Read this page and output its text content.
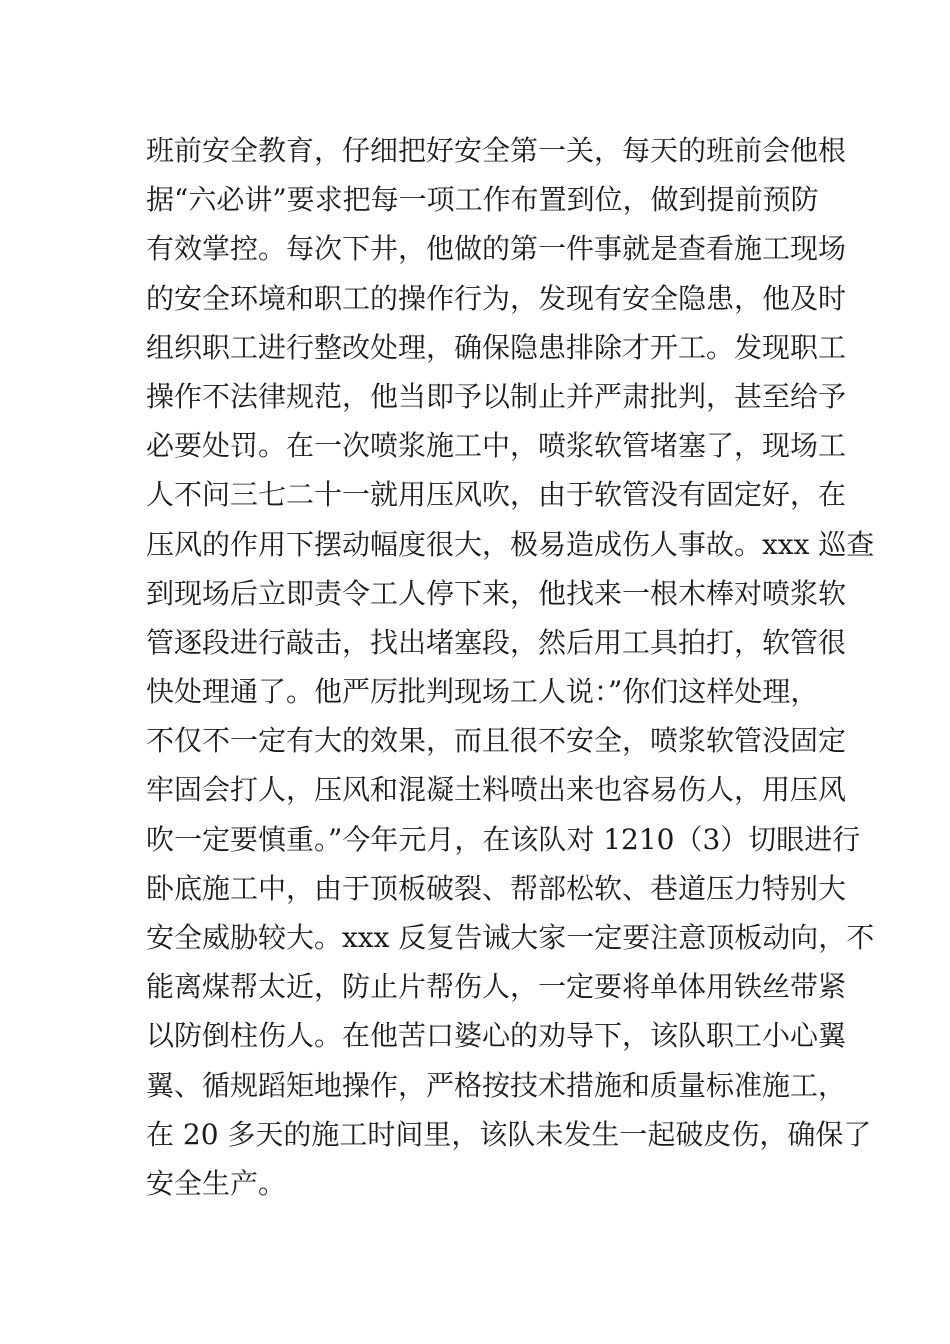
班前安全教育，仔细把好安全第一关，每天的班前会他根
据“六必讲”要求把每一项工作布置到位，做到提前预防
有效掌控。每次下井，他做的第一件事就是查看施工现场
的安全环境和职工的操作行为，发现有安全隐患，他及时
组织职工进行整改处理，确保隐患排除才开工。发现职工
操作不法律规范，他当即予以制止并严肃批判，甚至给予
必要处罚。在一次喷浆施工中，喷浆软管堵塞了，现场工
人不问三七二十一就用压风吹，由于软管没有固定好，在
压风的作用下摆动幅度很大，极易造成伤人事故。xxx 巡查
到现场后立即责令工人停下来，他找来一根木棒对喷浆软
管逐段进行敲击，找出堵塞段，然后用工具拍打，软管很
快处理通了。他严厉批判现场工人说：”你们这样处理，
不仅不一定有大的效果，而且很不安全，喷浆软管没固定
牢固会打人，压风和混凝土料喷出来也容易伤人，用压风
吹一定要慎重。”今年元月，在该队对 1210（3）切眼进行
卧底施工中，由于顶板破裂、帮部松软、巷道压力特别大
安全威胁较大。xxx 反复告诫大家一定要注意顶板动向，不
能离煤帮太近，防止片帮伤人，一定要将单体用铁丝带紧
以防倒柱伤人。在他苦口婆心的劝导下，该队职工小心翼
翼、循规蹈矩地操作，严格按技术措施和质量标准施工，
在 20 多天的施工时间里，该队未发生一起破皮伤，确保了
安全生产。
